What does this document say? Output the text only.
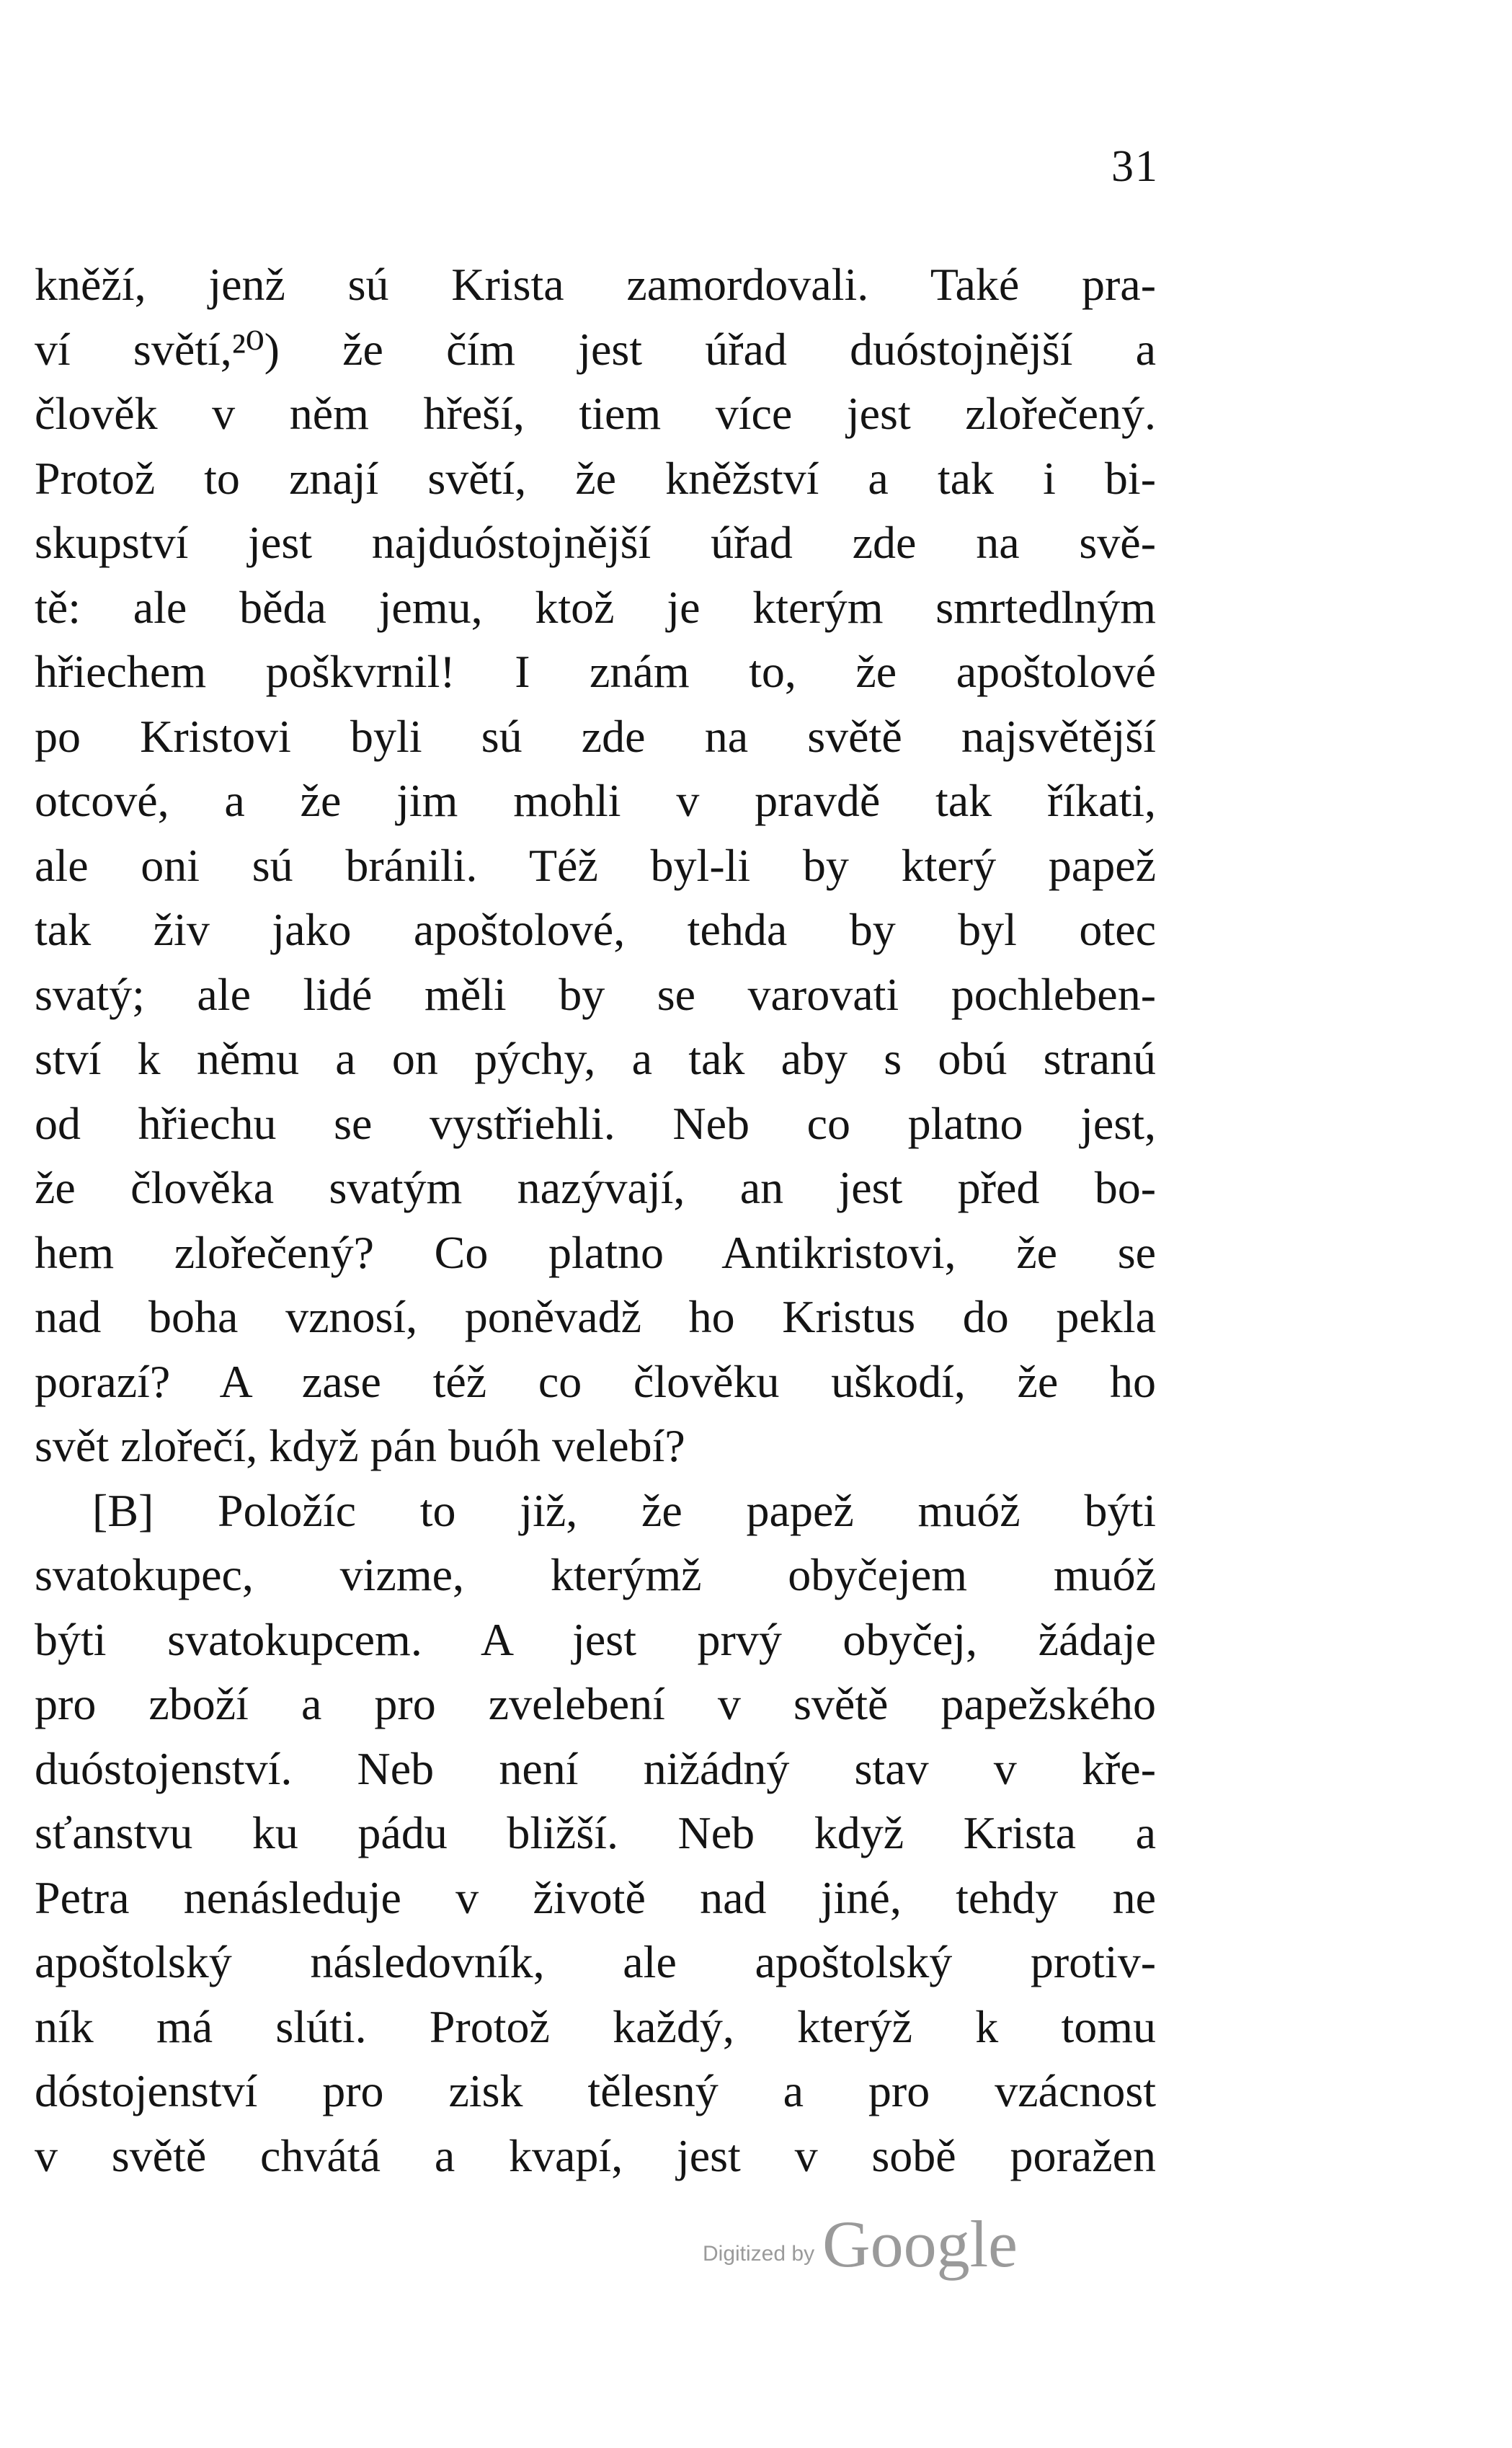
31
kněží, jenž sú Krista zamordovali. Také pra-
ví světí,²⁰) že čím jest úřad duóstojnější a
člověk v něm hřeší, tiem více jest zlořečený.
Protož to znají světí, že kněžství a tak i bi-
skupství jest najduóstojnější úřad zde na svě-
tě: ale běda jemu, ktož je kterým smrtedlným
hřiechem poškvrnil! I znám to, že apoštolové
po Kristovi byli sú zde na světě najsvětější
otcové, a že jim mohli v pravdě tak říkati,
ale oni sú bránili. Též byl-li by který papež
tak živ jako apoštolové, tehda by byl otec
svatý; ale lidé měli by se varovati pochleben-
ství k němu a on pýchy, a tak aby s obú stranú
od hřiechu se vystřiehli. Neb co platno jest,
že člověka svatým nazývají, an jest před bo-
hem zlořečený? Co platno Antikristovi, že se
nad boha vznosí, poněvadž ho Kristus do pekla
porazí? A zase též co člověku uškodí, že ho
svět zlořečí, když pán buóh velebí?
[B] Položíc to již, že papež muóž býti
svatokupec, vizme, kterýmž obyčejem muóž
býti svatokupcem. A jest prvý obyčej, žádaje
pro zboží a pro zvelebení v světě papežského
duóstojenství. Neb není nižádný stav v kře-
sťanstvu ku pádu bližší. Neb když Krista a
Petra nenásleduje v životě nad jiné, tehdy ne
apoštolský následovník, ale apoštolský protiv-
ník má slúti. Protož každý, kterýž k tomu
dóstojenství pro zisk tělesný a pro vzácnost
v světě chvátá a kvapí, jest v sobě poražen
Digitized by Google
